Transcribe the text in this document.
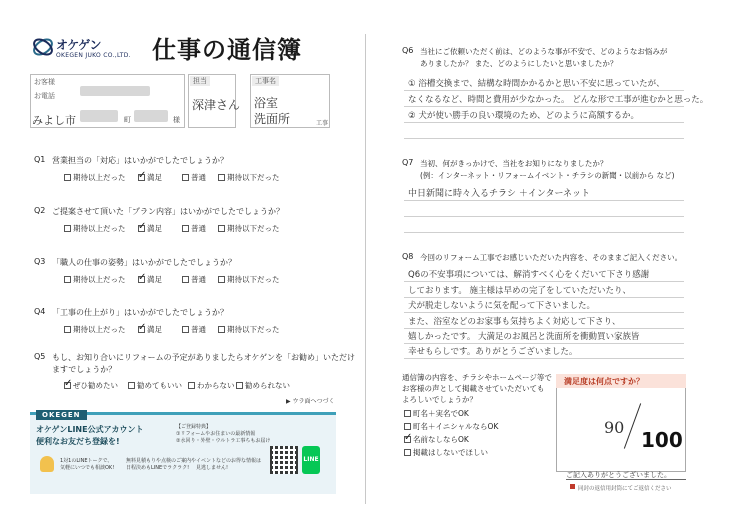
オケゲン
OKEGEN JUKO CO.,LTD. 仕事の通信簿
お客様
お電話
みよし市	町	様
担当
深津さん
工事名
浴室
洗面所	工事
Q1 営業担当の「対応」はいかがでしたでしょうか？
期待以上だった ✓	満足	普通	期待以下だった
Q2 ご提案させて頂いた「プラン内容」はいかがでしたでしょうか？
期待以上だった ✓	満足	普通	期待以下だった
Q3 「職人の仕事の姿勢」はいかがでしたでしょうか？
期待以上だった ✓	満足	普通	期待以下だった
Q4 「工事の仕上がり」はいかがでしたでしょうか？
期待以上だった ✓	満足	普通	期待以下だった
Q5 もし、お知り合いにリフォームの予定がありましたらオケゲンを「お勧め」いただけ
ますでしょうか？
✓
ぜひ勧めたい	勧めてもいい わからない 勧められない
▶ ウラ面へつづく
OKEGEN
オケゲンLINE公式アカウント
便利なお友だち登録を!
【ご登録特典】
①リフォームやお住まいの最新情報
②水回り・外壁・ウルトラ工事ちもお届け
1対1のLINEトークで、
気軽にいつでも相談OK!
無料見積もりや点検のご案内や
日程決めもLINEでラクラク!
イベントなどのお得な情報は
見逃しません!
LINE
Q6 当社にご依頼いただく前は、どのような事が不安で、どのようなお悩みが
ありましたか？ また、どのようにしたいと思いましたか？
① 浴槽交換まで、結構な時間かかるかと思い不安に思っていたが、
なくなるなど、時間と費用が少なかった。 どんな形で工事が進むかと思った。
② 犬が使い勝手の良い環境のため、どのように高額するか。
Q7 当初、何がきっかけで、当社をお知りになりましたか？
(例：インターネット・リフォームイベント・チラシの新聞・以前から など)
中日新聞に時々入るチラシ ＋インターネット
Q8 今回のリフォーム工事でお感じいただいた内容を、そのままご記入ください。
Q6の不安事項については、解消すべく心をくだいて下さり感謝
しております。 施主様は早めの完了をしていただいたり、
犬が脱走しないように気を配って下さいました。
また、浴室などのお家事も気持ちよく対応して下さり、
嬉しかったです。 大満足のお風呂と洗面所を衝動買い家族皆
幸せもらしです。ありがとうございました。
通信簿の内容を、チラシやホームページ等で
お客様の声として掲載させていただいても
よろしいでしょうか？
町名＋実名でOK
町名＋イニシャルならOK
✓
名前なしならOK
掲載はしないでほしい
満足度は何点ですか？
90
100
ご記入ありがとうございました。
同封の返信用封筒にてご返信ください
